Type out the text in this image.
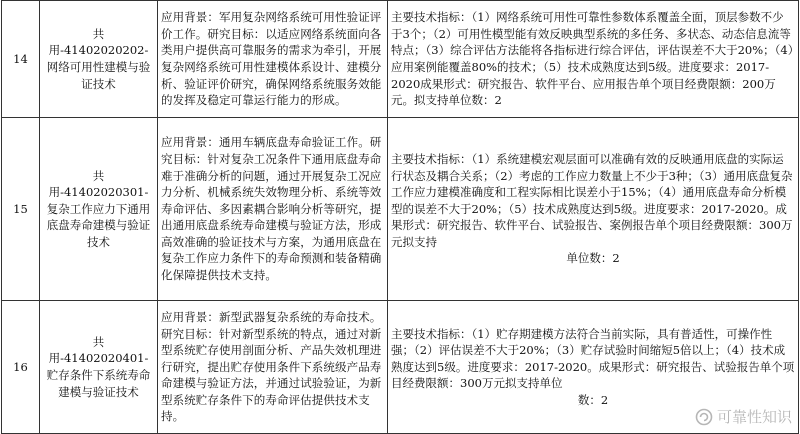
14	共用-41402020202-网络可用性建模与验证技术	应用背景：军用复杂网络系统可用性验证评价工作。研究目标：以适应网络系统面向各类用户提供高可靠服务的需求为牵引，开展复杂网络系统可用性建模体系设计、建模分析、验证评价研究，确保网络系统服务效能的发挥及稳定可靠运行能力的形成。	主要技术指标：（1）网络系统可用性可靠性参数体系覆盖全面，顶层参数不少于3个；（2）可用性模型能有效反映典型系统的多任务、多状态、动态信息流等特点；（3）综合评估方法能将各指标进行综合评估，评估误差不大于20%；（4）应用案例能覆盖80%的技术；（5）技术成熟度达到5级。进度要求：2017-2020成果形式：研究报告、软件平台、应用报告单个项目经费限额：200万元。拟支持单位数：2

15	共用-41402020301-复杂工作应力下通用底盘寿命建模与验证技术	应用背景：通用车辆底盘寿命验证工作。研究目标：针对复杂工况条件下通用底盘寿命难于准确分析的问题，通过开展复杂工况应力分析、机械系统失效物理分析、系统等效寿命评估、多因素耦合影响分析等研究，提出通用底盘系统寿命建模与验证方法，形成高效准确的验证技术与方案，为通用底盘在复杂工作应力条件下的寿命预测和装备精确化保障提供技术支持。	主要技术指标：（1）系统建模宏观层面可以准确有效的反映通用底盘的实际运行状态及耦合关系；（2）考虑的工作应力数量上不少于3种；（3）通用底盘复杂工作应力建模准确度和工程实际相比误差小于15%；（4）通用底盘寿命分析模型的误差不大于20%；（5）技术成熟度达到5级。进度要求：2017-2020。成果形式：研究报告、软件平台、试验报告、案例报告单个项目经费限额：300万元拟支持
单位数：2

16	共用-41402020401-贮存条件下系统寿命建模与验证技术	应用背景：新型武器复杂系统的寿命技术。研究目标：针对新型系统的特点，通过对新型系统贮存使用剖面分析、产品失效机理进行研究，提出贮存使用条件下系统级产品寿命建模与验证方法，并通过试验验证，为新型系统贮存条件下的寿命评估提供技术支持。	主要技术指标：（1）贮存期建模方法符合当前实际，具有普适性，可操作性强；（2）评估误差不大于20%；（3）贮存试验时间缩短5倍以上；（4）技术成熟度达到5级。进度要求：2017-2020。成果形式：研究报告、试验报告单个项目经费限额：300万元拟支持单位
数：2
可靠性知识
